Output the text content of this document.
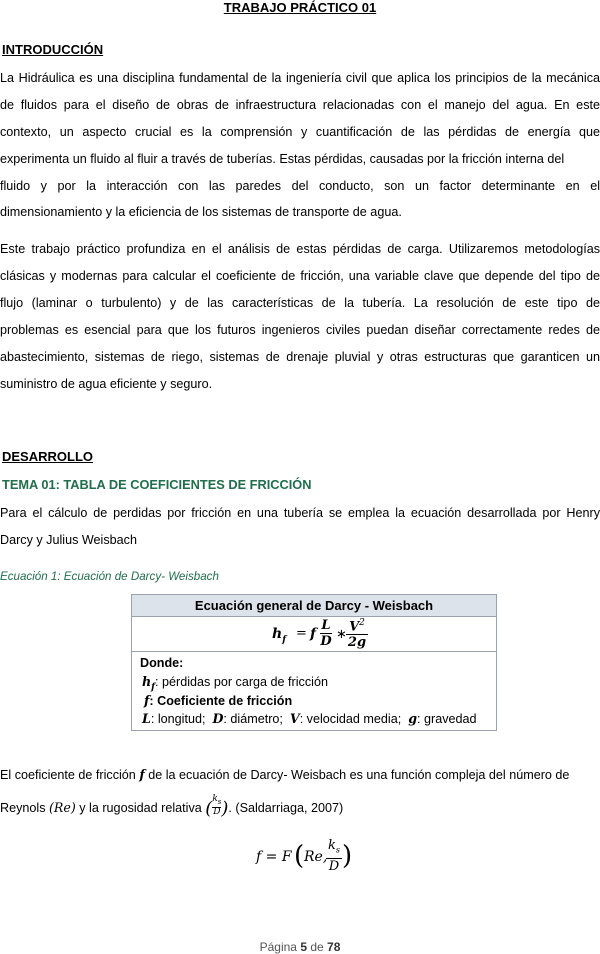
TRABAJO PRÁCTICO 01
INTRODUCCIÓN
La Hidráulica es una disciplina fundamental de la ingeniería civil que aplica los principios de la mecánica
de fluidos para el diseño de obras de infraestructura relacionadas con el manejo del agua. En este
contexto, un aspecto crucial es la comprensión y cuantificación de las pérdidas de energía que
experimenta un fluido al fluir a través de tuberías. Estas pérdidas, causadas por la fricción interna del
fluido y por la interacción con las paredes del conducto, son un factor determinante en el
dimensionamiento y la eficiencia de los sistemas de transporte de agua.
Este trabajo práctico profundiza en el análisis de estas pérdidas de carga. Utilizaremos metodologías
clásicas y modernas para calcular el coeficiente de fricción, una variable clave que depende del tipo de
flujo (laminar o turbulento) y de las características de la tubería. La resolución de este tipo de
problemas es esencial para que los futuros ingenieros civiles puedan diseñar correctamente redes de
abastecimiento, sistemas de riego, sistemas de drenaje pluvial y otras estructuras que garanticen un
suministro de agua eficiente y seguro.
DESARROLLO
TEMA 01: TABLA DE COEFICIENTES DE FRICCIÓN
Para el cálculo de perdidas por fricción en una tubería se emplea la ecuación desarrollada por Henry
Darcy y Julius Weisbach
Ecuación 1: Ecuación de Darcy- Weisbach
Ecuación general de Darcy - Weisbach
$h_f = f \frac{L}{D}$ ∗ $\frac{V^2}{2g}$
Donde:
$h_f$: pérdidas por carga de fricción
f: Coeficiente de fricción
L: longitud; D: diámetro; V: velocidad media; g: gravedad
El coeficiente de fricción f de la ecuación de Darcy- Weisbach es una función compleja del número de
Reynols (Re) y la rugosidad relativa ($\frac{k_s}{D}$ ). (Saldarriaga, 2007)
f = F ( Re,
$k_s$
D )
Página 5 de 78
